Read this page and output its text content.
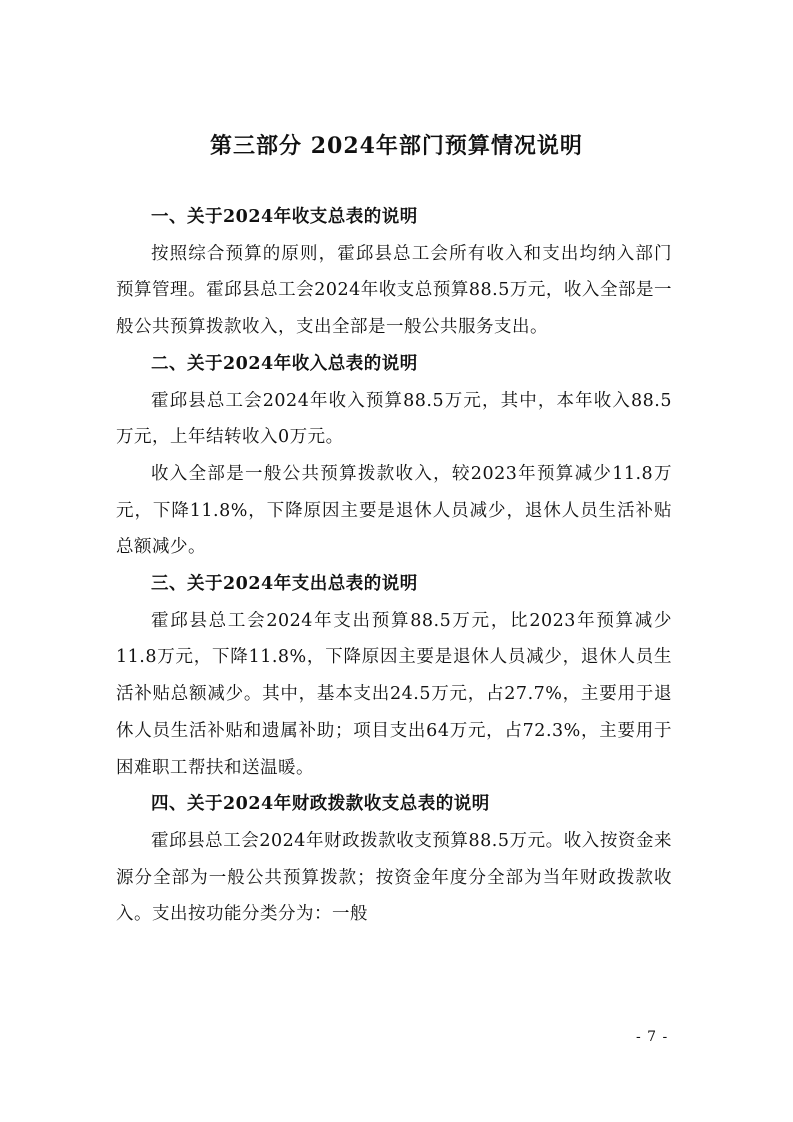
第三部分 2024年部门预算情况说明
一、关于2024年收支总表的说明

按照综合预算的原则，霍邱县总工会所有收入和支出均纳入部门预算管理。霍邱县总工会2024年收支总预算88.5万元，收入全部是一般公共预算拨款收入，支出全部是一般公共服务支出。

二、关于2024年收入总表的说明

霍邱县总工会2024年收入预算88.5万元，其中，本年收入88.5万元，上年结转收入0万元。

收入全部是一般公共预算拨款收入，较2023年预算减少11.8万元，下降11.8%，下降原因主要是退休人员减少，退休人员生活补贴总额减少。

三、关于2024年支出总表的说明

霍邱县总工会2024年支出预算88.5万元，比2023年预算减少11.8万元，下降11.8%，下降原因主要是退休人员减少，退休人员生活补贴总额减少。其中，基本支出24.5万元，占27.7%，主要用于退休人员生活补贴和遗属补助；项目支出64万元，占72.3%，主要用于困难职工帮扶和送温暖。

四、关于2024年财政拨款收支总表的说明

霍邱县总工会2024年财政拨款收支预算88.5万元。收入按资金来源分全部为一般公共预算拨款；按资金年度分全部为当年财政拨款收入。支出按功能分类分为：一般

- 7 -
